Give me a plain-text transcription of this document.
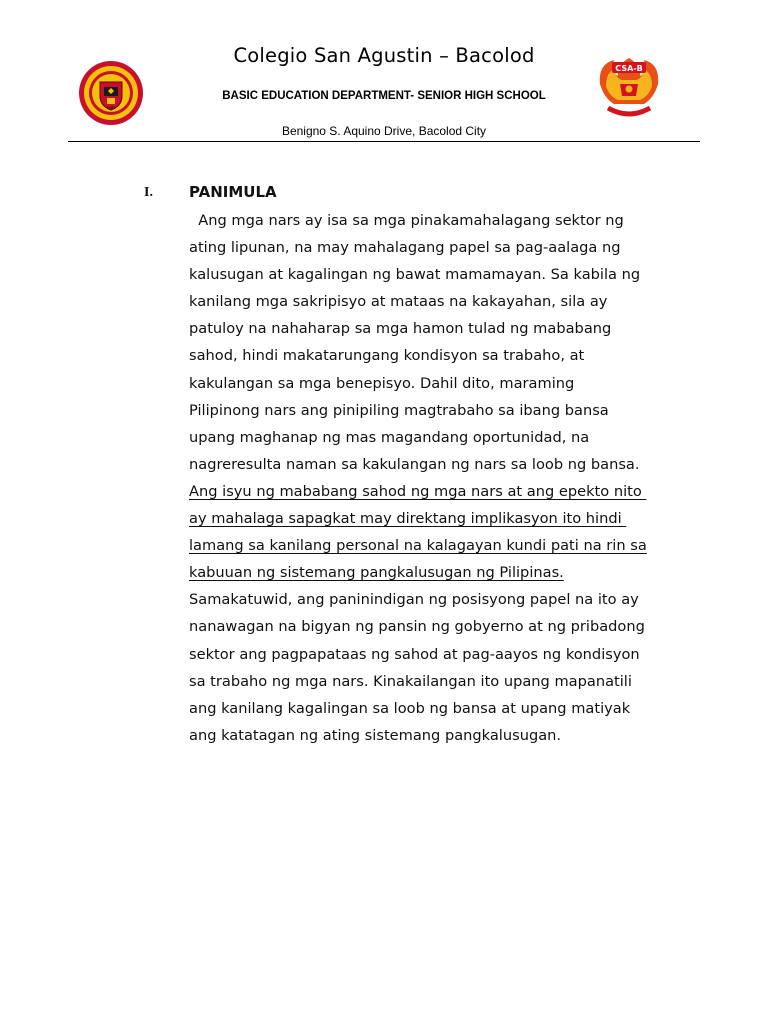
1962
Colegio San Agustin – Bacolod
BASIC EDUCATION DEPARTMENT- SENIOR HIGH SCHOOL
Benigno S. Aquino Drive, Bacolod City
CSA-B
I. PANIMULA
Ang mga nars ay isa sa mga pinakamahalagang sektor ng
ating lipunan, na may mahalagang papel sa pag-aalaga ng
kalusugan at kagalingan ng bawat mamamayan. Sa kabila ng
kanilang mga sakripisyo at mataas na kakayahan, sila ay
patuloy na nahaharap sa mga hamon tulad ng mababang
sahod, hindi makatarungang kondisyon sa trabaho, at
kakulangan sa mga benepisyo. Dahil dito, maraming
Pilipinong nars ang pinipiling magtrabaho sa ibang bansa
upang maghanap ng mas magandang oportunidad, na
nagreresulta naman sa kakulangan ng nars sa loob ng bansa.
Ang isyu ng mababang sahod ng mga nars at ang epekto nito
ay mahalaga sapagkat may direktang implikasyon ito hindi
lamang sa kanilang personal na kalagayan kundi pati na rin sa
kabuuan ng sistemang pangkalusugan ng Pilipinas.
Samakatuwid, ang paninindigan ng posisyong papel na ito ay
nanawagan na bigyan ng pansin ng gobyerno at ng pribadong
sektor ang pagpapataas ng sahod at pag-aayos ng kondisyon
sa trabaho ng mga nars. Kinakailangan ito upang mapanatili
ang kanilang kagalingan sa loob ng bansa at upang matiyak
ang katatagan ng ating sistemang pangkalusugan.
